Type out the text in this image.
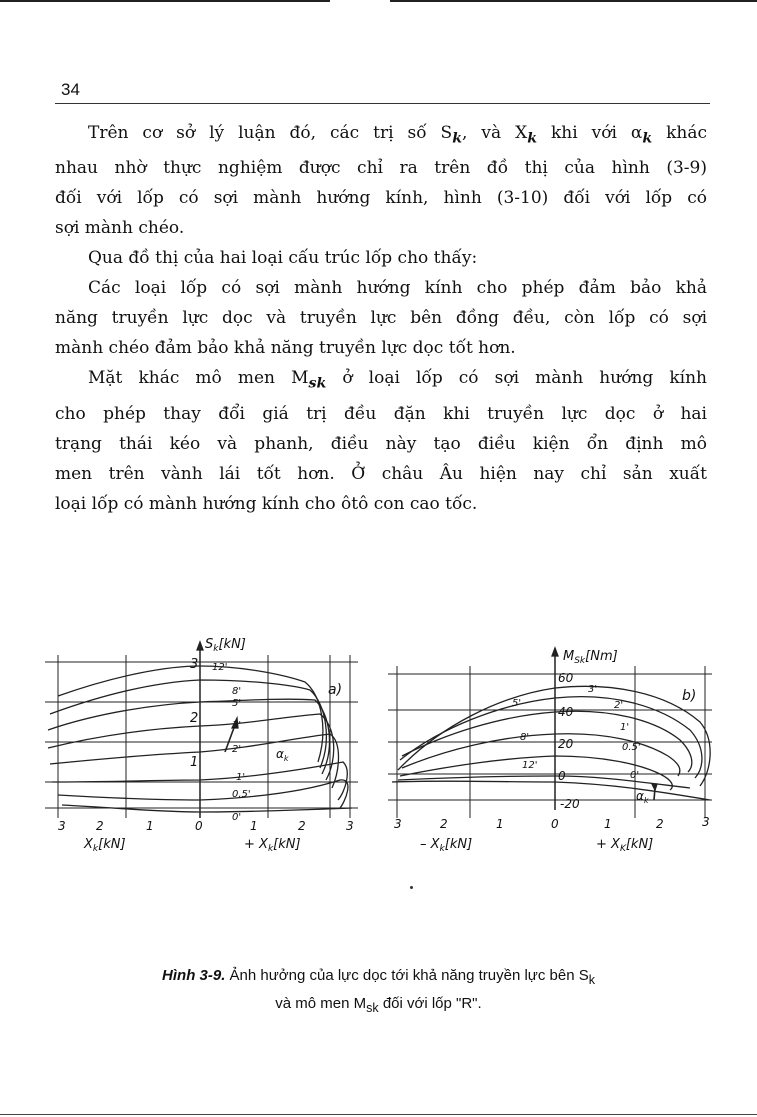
34

Trên cơ sở lý luận đó, các trị số $S_k$, và $X_k$ khi với $\alpha_k$ khác

nhau nhờ thực nghiệm được chỉ ra trên đồ thị của hình (3-9)
đối với lốp có sợi mành hướng kính, hình (3-10) đối với lốp có
sợi mành chéo.

Qua đồ thị của hai loại cấu trúc lốp cho thấy:

Các loại lốp có sợi mành hướng kính cho phép đảm bảo khả

năng truyền lực dọc và truyền lực bên đồng đều, còn lốp có sợi
mành chéo đảm bảo khả năng truyền lực dọc tốt hơn.

Mặt khác mô men $M_{sk}$ ở loại lốp có sợi mành hướng kính

cho phép thay đổi giá trị đều đặn khi truyền lực dọc ở hai
trạng thái kéo và phanh, điều này tạo điều kiện ổn định mô
men trên vành lái tốt hơn. Ở châu Âu hiện nay chỉ sản xuất
loại lốp có mành hướng kính cho ôtô con cao tốc.
$S_k[kN]$
3
2
1
12'
8'
5'
3'
2'
1'
0,5'
0'
$\alpha_k$
a)
3	2	1	0	1	2	3
$X_k[kN]$	+ $X_k[kN]$
$M_{Sk}[Nm]$
60
40
20
0
-20
3'
2'
5'
1'
8'
0.5'
12'
0'
$\alpha_k$
b)
3	2	1	0	1	2	3
– $X_k[kN]$	+ $X_K[kN]$
Hình 3-9. Ảnh hưởng của lực dọc tới khả năng truyền lực bên $S_k$
và mô men $M_{sk}$ đối với lốp "R".
